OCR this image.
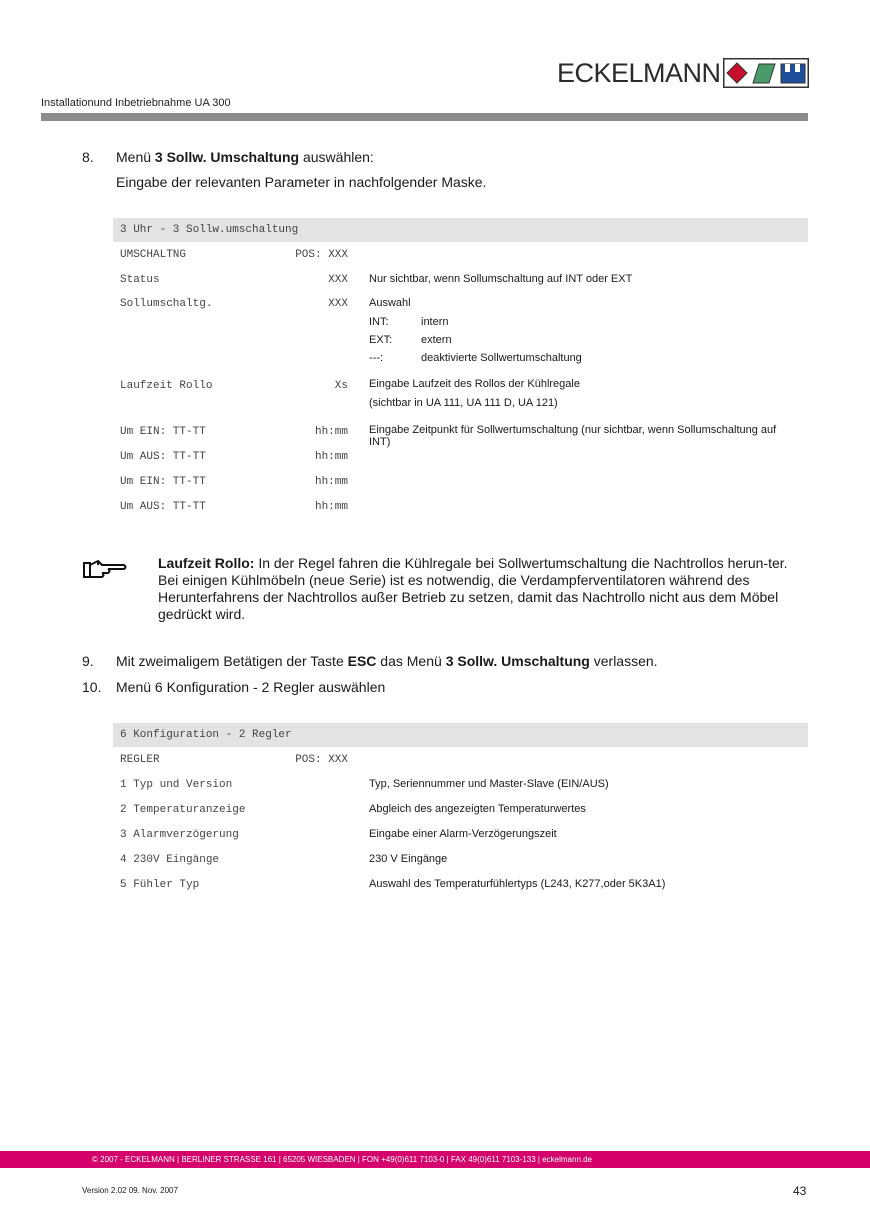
ECKELMANN
Installationund Inbetriebnahme UA 300
8.	Menü 3 Sollw. Umschaltung auswählen:
Eingabe der relevanten Parameter in nachfolgender Maske.
3 Uhr - 3 Sollw.umschaltung
UMSCHALTNG	POS: XXX
Status	XXX Nur sichtbar, wenn Sollumschaltung auf INT oder EXT
Sollumschaltg.	XXX Auswahl
INT:	intern
EXT:	extern
---:	deaktivierte Sollwertumschaltung
Laufzeit Rollo	Xs Eingabe Laufzeit des Rollos der Kühlregale
(sichtbar in UA 111, UA 111 D, UA 121)
Um EIN: TT-TT	hh:mm Eingabe Zeitpunkt für Sollwertumschaltung (nur sichtbar, wenn Sollumschaltung auf
INT)
Um AUS: TT-TT	hh:mm
Um EIN: TT-TT	hh:mm
Um AUS: TT-TT	hh:mm
Laufzeit Rollo: In der Regel fahren die Kühlregale bei Sollwertumschaltung die Nachtrollos herun-ter. Bei einigen Kühlmöbeln (neue Serie) ist es notwendig, die Verdampferventilatoren während des Herunterfahrens der Nachtrollos außer Betrieb zu setzen, damit das Nachtrollo nicht aus dem Möbel gedrückt wird.
9.	Mit zweimaligem Betätigen der Taste ESC das Menü 3 Sollw. Umschaltung verlassen.
10.	Menü 6 Konfiguration - 2 Regler auswählen
6 Konfiguration - 2 Regler
REGLER	POS: XXX
1 Typ und Version	Typ, Seriennummer und Master-Slave (EIN/AUS)
2 Temperaturanzeige	Abgleich des angezeigten Temperaturwertes
3 Alarmverzögerung	Eingabe einer Alarm-Verzögerungszeit
4 230V Eingänge	230 V Eingänge
5 Fühler Typ	Auswahl des Temperaturfühlertyps (L243, K277,oder 5K3A1)
© 2007 - ECKELMANN | BERLINER STRASSE 161 | 65205 WIESBADEN | FON +49(0)611 7103-0 | FAX 49(0)611 7103-133 | eckelmann.de
Version 2.02 09. Nov. 2007	43
